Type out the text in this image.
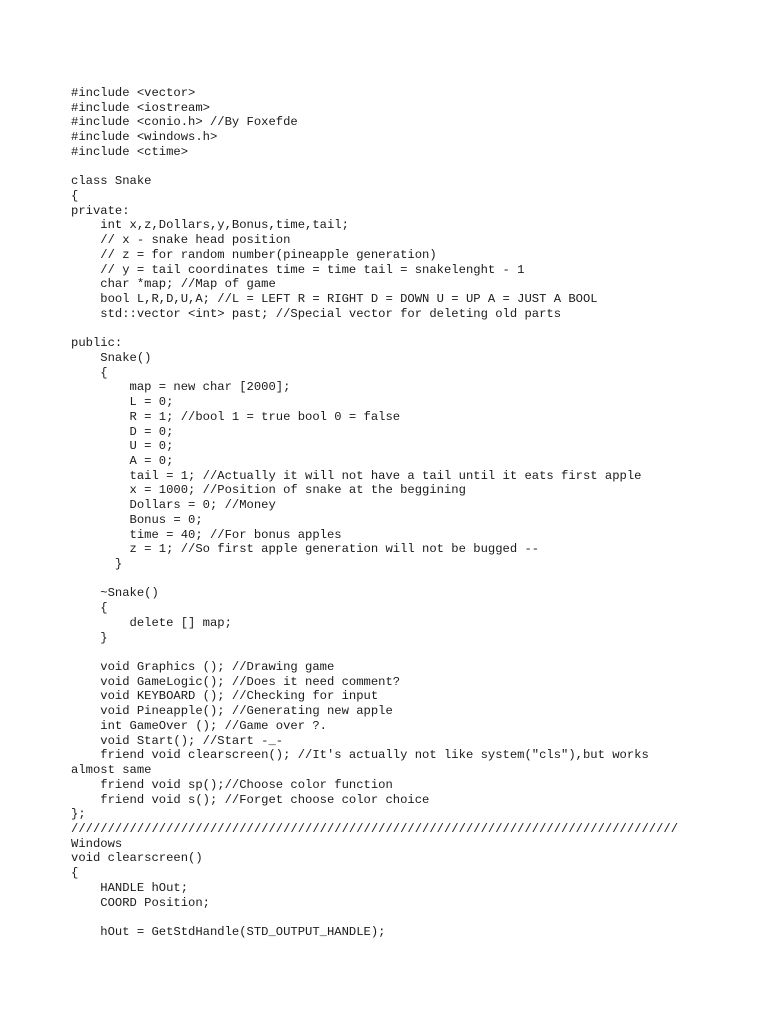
#include <vector>
#include <iostream>
#include <conio.h> //By Foxefde
#include <windows.h>
#include <ctime>
class Snake
{
private:
int x,z,Dollars,y,Bonus,time,tail;
// x - snake head position
// z = for random number(pineapple generation)
// y = tail coordinates time = time tail = snakelenght - 1
char *map; //Map of game
bool L,R,D,U,A; //L = LEFT R = RIGHT D = DOWN U = UP A = JUST A BOOL
std::vector <int> past; //Special vector for deleting old parts
public:
Snake()
{
map = new char [2000];
L = 0;
R = 1; //bool 1 = true bool 0 = false
D = 0;
U = 0;
A = 0;
tail = 1; //Actually it will not have a tail until it eats first apple
x = 1000; //Position of snake at the beggining
Dollars = 0; //Money
Bonus = 0;
time = 40; //For bonus apples
z = 1; //So first apple generation will not be bugged --
}
~Snake()
{
delete [] map;
}
void Graphics (); //Drawing game
void GameLogic(); //Does it need comment?
void KEYBOARD (); //Checking for input
void Pineapple(); //Generating new apple
int GameOver (); //Game over ?.
void Start(); //Start -_-
friend void clearscreen(); //It's actually not like system("cls"),but works
almost same
friend void sp();//Choose color function
friend void s(); //Forget choose color choice
};
///////////////////////////////////////////////////////////////////////////////////
Windows
void clearscreen()
{
HANDLE hOut;
COORD Position;
hOut = GetStdHandle(STD_OUTPUT_HANDLE);
